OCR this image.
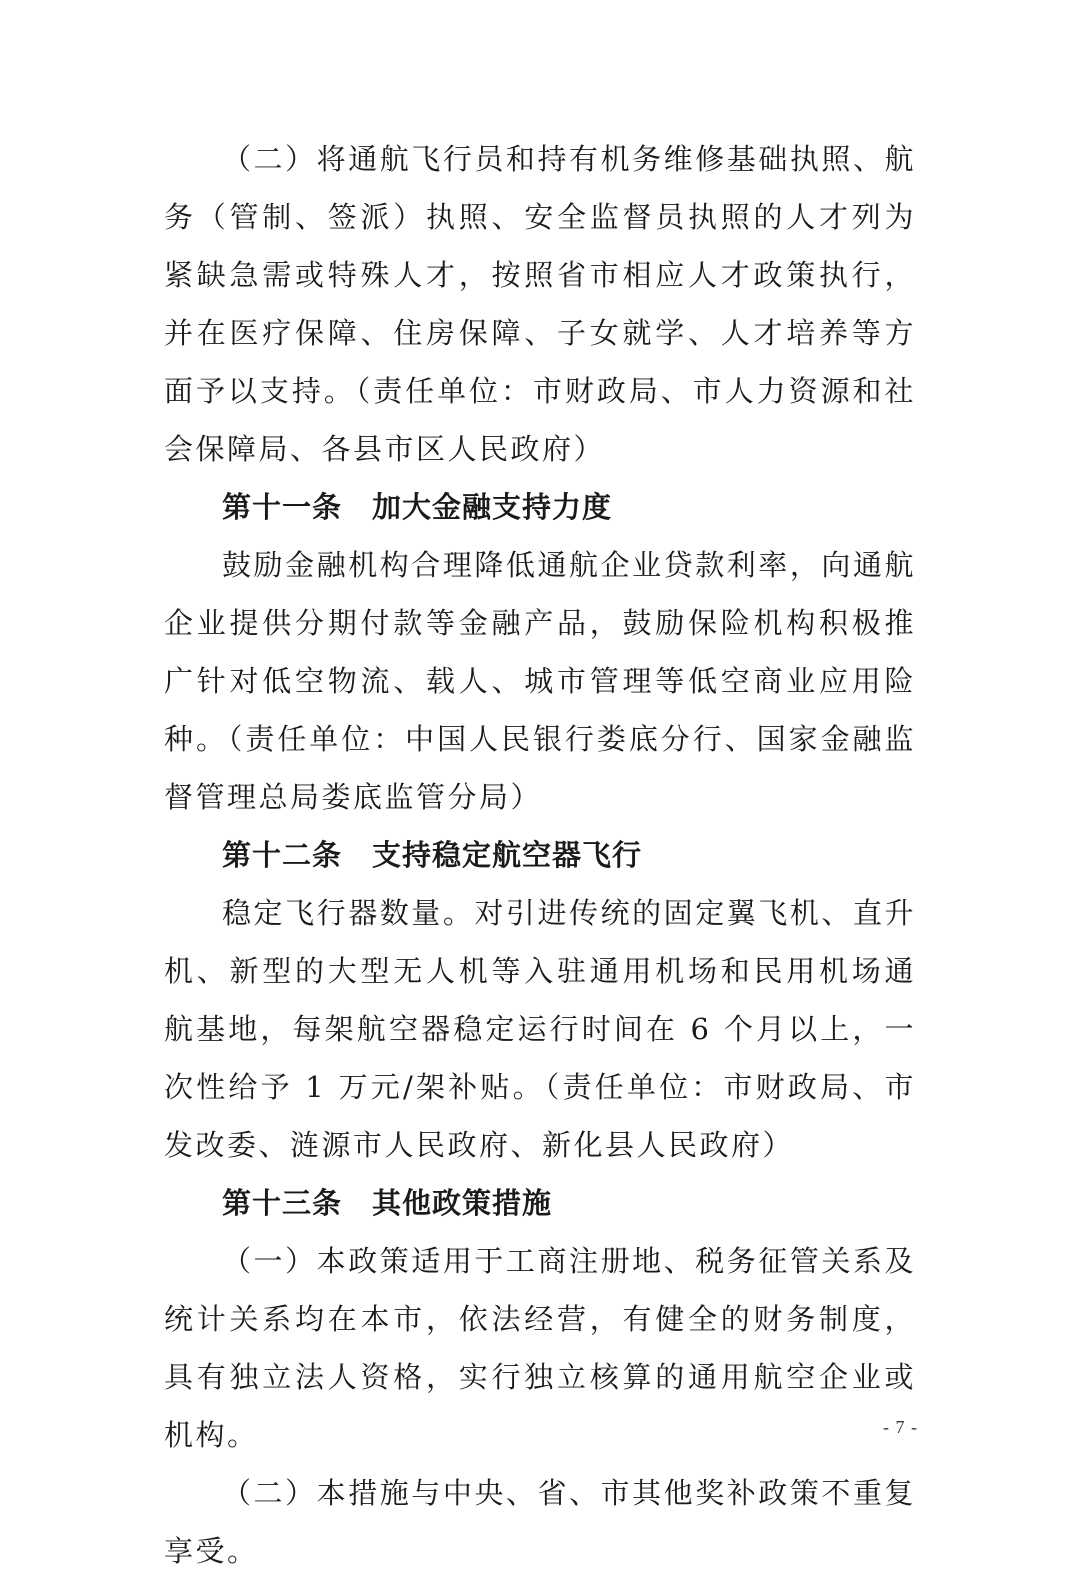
（二）将通航飞行员和持有机务维修基础执照、航务（管制、签派）执照、安全监督员执照的人才列为紧缺急需或特殊人才，按照省市相应人才政策执行，并在医疗保障、住房保障、子女就学、人才培养等方面予以支持。（责任单位：市财政局、市人力资源和社会保障局、各县市区人民政府）

第十一条 加大金融支持力度

鼓励金融机构合理降低通航企业贷款利率，向通航企业提供分期付款等金融产品，鼓励保险机构积极推广针对低空物流、载人、城市管理等低空商业应用险种。（责任单位：中国人民银行娄底分行、国家金融监督管理总局娄底监管分局）

第十二条 支持稳定航空器飞行

稳定飞行器数量。对引进传统的固定翼飞机、直升机、新型的大型无人机等入驻通用机场和民用机场通航基地，每架航空器稳定运行时间在 6 个月以上，一次性给予 1 万元/架补贴。（责任单位：市财政局、市发改委、涟源市人民政府、新化县人民政府）

第十三条 其他政策措施

（一）本政策适用于工商注册地、税务征管关系及统计关系均在本市，依法经营，有健全的财务制度，具有独立法人资格，实行独立核算的通用航空企业或机构。

（二）本措施与中央、省、市其他奖补政策不重复享受。

- 7 -
